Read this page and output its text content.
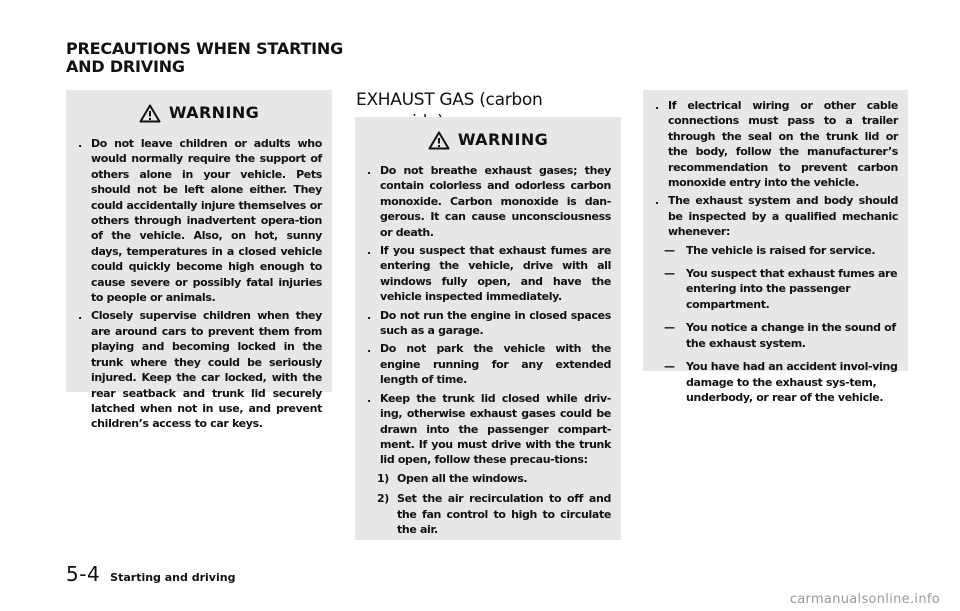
PRECAUTIONS WHEN STARTING AND DRIVING
WARNING
. Do not leave children or adults who would normally require the support of others alone in your vehicle. Pets should not be left alone either. They could accidentally injure themselves or others through inadvertent opera-tion of the vehicle. Also, on hot, sunny days, temperatures in a closed vehicle could quickly become high enough to cause severe or possibly fatal injuries to people or animals.
. Closely supervise children when they are around cars to prevent them from playing and becoming locked in the trunk where they could be seriously injured. Keep the car locked, with the rear seatback and trunk lid securely latched when not in use, and prevent children’s access to car keys.
EXHAUST GAS (carbon
WARNING
. Do not breathe exhaust gases; they contain colorless and odorless carbon monoxide. Carbon monoxide is dan-gerous. It can cause unconsciousness or death.
. If you suspect that exhaust fumes are entering the vehicle, drive with all windows fully open, and have the vehicle inspected immediately.
. Do not run the engine in closed spaces such as a garage.
. Do not park the vehicle with the engine running for any extended length of time.
. Keep the trunk lid closed while driv-ing, otherwise exhaust gases could be drawn into the passenger compart-ment. If you must drive with the trunk lid open, follow these precau-tions:
1) Open all the windows.
2) Set the air recirculation to off and the fan control to high to circulate the air.
. If electrical wiring or other cable connections must pass to a trailer through the seal on the trunk lid or the body, follow the manufacturer’s recommendation to prevent carbon monoxide entry into the vehicle.
. The exhaust system and body should be inspected by a qualified mechanic whenever:
—	The vehicle is raised for service.
—	You suspect that exhaust fumes are entering into the passenger compartment.
—	You notice a change in the sound of the exhaust system.
—	You have had an accident invol-ving damage to the exhaust sys-tem, underbody, or rear of the vehicle.
5-4 Starting and driving
carmanualsonline.info
